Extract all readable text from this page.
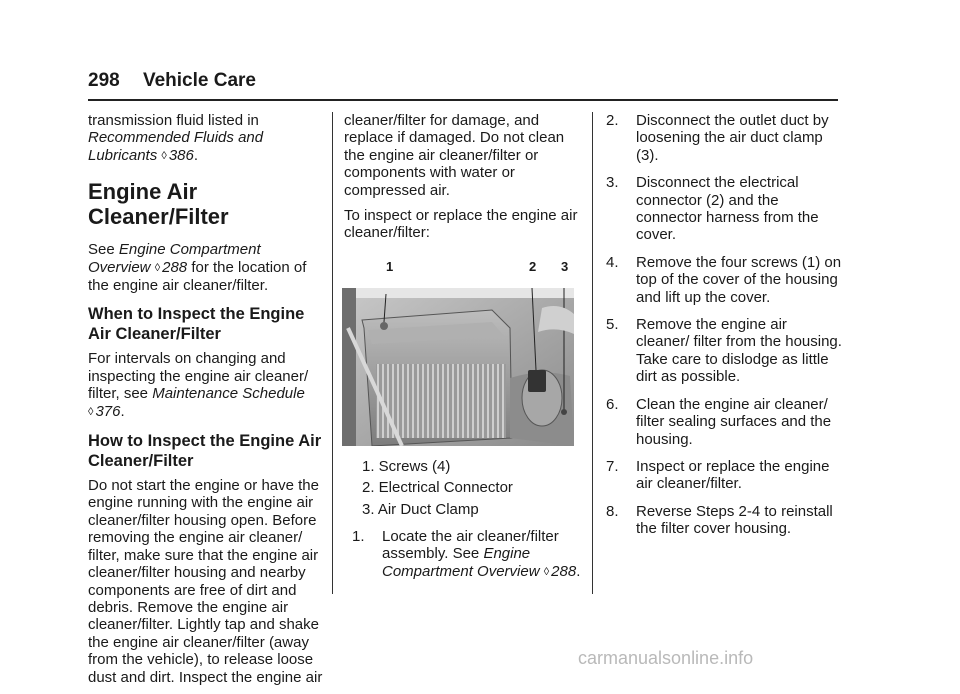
298 Vehicle Care

transmission fluid listed in Recommended Fluids and Lubricants ◊ 386.

Engine Air Cleaner/Filter

See Engine Compartment Overview ◊ 288 for the location of the engine air cleaner/filter.

When to Inspect the Engine Air Cleaner/Filter

For intervals on changing and inspecting the engine air cleaner/ filter, see Maintenance Schedule ◊ 376.

How to Inspect the Engine Air Cleaner/Filter

Do not start the engine or have the engine running with the engine air cleaner/filter housing open. Before removing the engine air cleaner/ filter, make sure that the engine air cleaner/filter housing and nearby components are free of dirt and debris. Remove the engine air cleaner/filter. Lightly tap and shake the engine air cleaner/filter (away from the vehicle), to release loose dust and dirt. Inspect the engine air

cleaner/filter for damage, and replace if damaged. Do not clean the engine air cleaner/filter or components with water or compressed air.

To inspect or replace the engine air cleaner/filter:

1	2 3
1. Screws (4)
2. Electrical Connector
3. Air Duct Clamp
1. Locate the air cleaner/filter assembly. See Engine Compartment Overview ◊ 288.
2. Disconnect the outlet duct by loosening the air duct clamp (3).
3. Disconnect the electrical connector (2) and the connector harness from the cover.
4. Remove the four screws (1) on top of the cover of the housing and lift up the cover.
5. Remove the engine air cleaner/ filter from the housing. Take care to dislodge as little dirt as possible.
6. Clean the engine air cleaner/ filter sealing surfaces and the housing.
7. Inspect or replace the engine air cleaner/filter.
8. Reverse Steps 2-4 to reinstall the filter cover housing.
carmanualsonline.info
